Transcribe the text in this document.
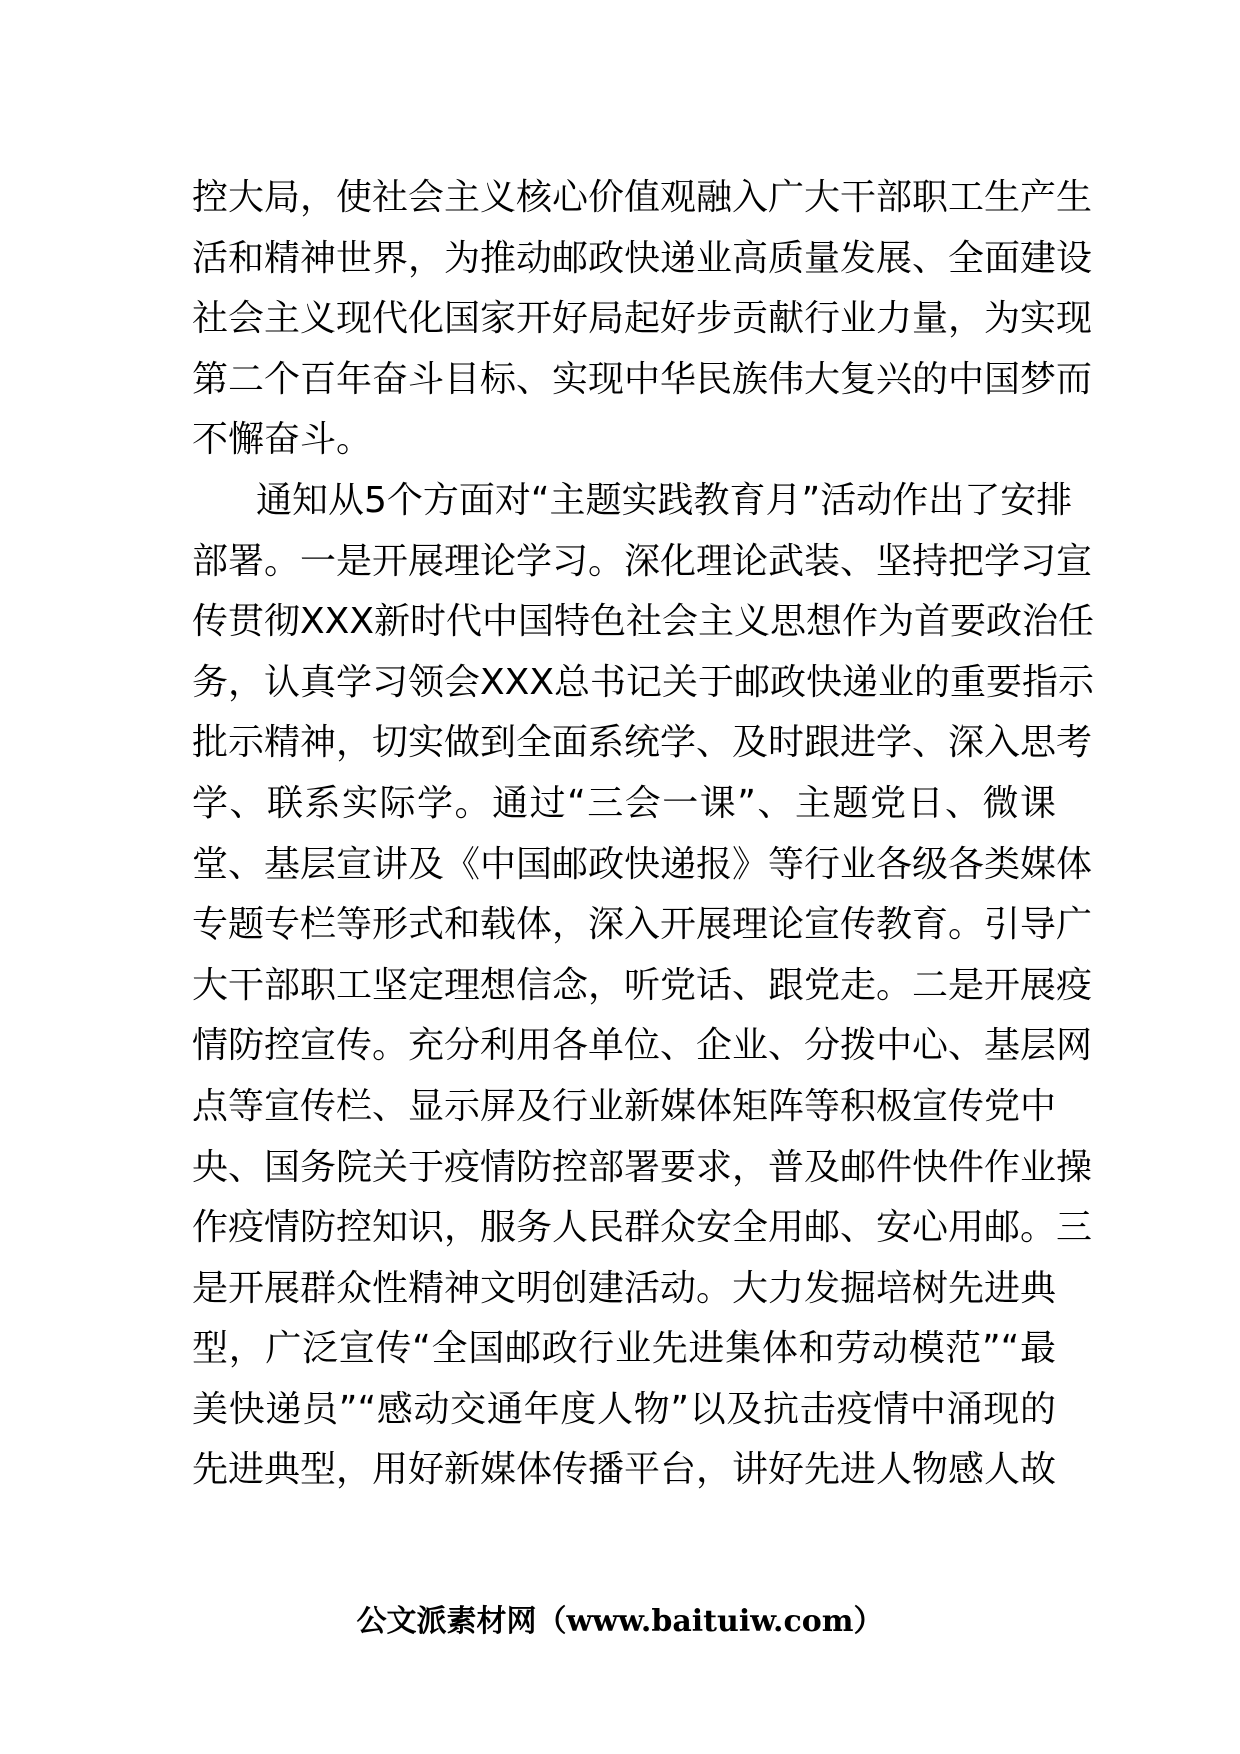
控大局，使社会主义核心价值观融入广大干部职工生产生
活和精神世界，为推动邮政快递业高质量发展、全面建设
社会主义现代化国家开好局起好步贡献行业力量，为实现
第二个百年奋斗目标、实现中华民族伟大复兴的中国梦而
不懈奋斗。
通知从5个方面对“主题实践教育月”活动作出了安排
部署。一是开展理论学习。深化理论武装、坚持把学习宣
传贯彻XXX新时代中国特色社会主义思想作为首要政治任
务，认真学习领会XXX总书记关于邮政快递业的重要指示
批示精神，切实做到全面系统学、及时跟进学、深入思考
学、联系实际学。通过“三会一课”、主题党日、微课
堂、基层宣讲及《中国邮政快递报》等行业各级各类媒体
专题专栏等形式和载体，深入开展理论宣传教育。引导广
大干部职工坚定理想信念，听党话、跟党走。二是开展疫
情防控宣传。充分利用各单位、企业、分拨中心、基层网
点等宣传栏、显示屏及行业新媒体矩阵等积极宣传党中
央、国务院关于疫情防控部署要求，普及邮件快件作业操
作疫情防控知识，服务人民群众安全用邮、安心用邮。三
是开展群众性精神文明创建活动。大力发掘培树先进典
型，广泛宣传“全国邮政行业先进集体和劳动模范”“最
美快递员”“感动交通年度人物”以及抗击疫情中涌现的
先进典型，用好新媒体传播平台，讲好先进人物感人故
公文派素材网（www.baituiw.com）
